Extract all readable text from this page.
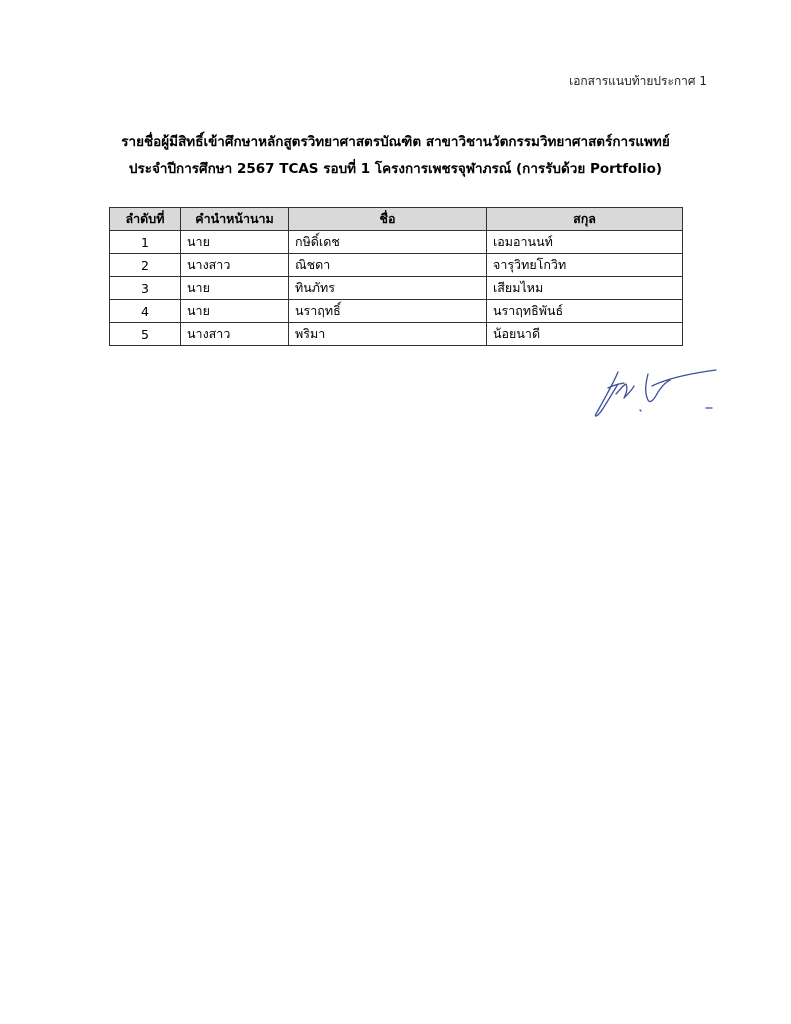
เอกสารแนบท้ายประกาศ 1
รายชื่อผู้มีสิทธิ์เข้าศึกษาหลักสูตรวิทยาศาสตรบัณฑิต สาขาวิชานวัตกรรมวิทยาศาสตร์การแพทย์
ประจำปีการศึกษา 2567 TCAS รอบที่ 1 โครงการเพชรจุฬาภรณ์ (การรับด้วย Portfolio)
ลำดับที่	คำนำหน้านาม	ชื่อ	สกุล
1	นาย	กษิดิ์เดช	เอมอานนท์
2	นางสาว	ณิชดา	จารุวิทยโกวิท
3	นาย	ทินภัทร	เสียมไหม
4	นาย	นราฤทธิ์	นราฤทธิพันธ์
5	นางสาว	พริมา	น้อยนาดี
